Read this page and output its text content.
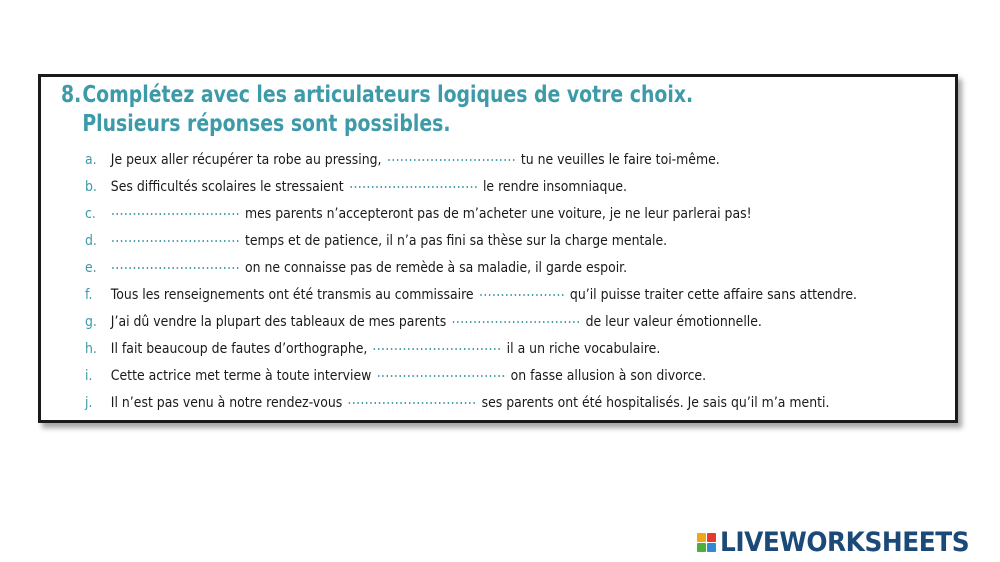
8.Complétez avec les articulateurs logiques de votre choix.
Plusieurs réponses sont possibles.
a. Je peux aller récupérer ta robe au pressing,	tu ne veuilles le faire toi-même.
b. Ses difficultés scolaires le stressaient	le rendre insomniaque.
c.	mes parents n’accepteront pas de m’acheter une voiture, je ne leur parlerai pas!
d.	temps et de patience, il n’a pas fini sa thèse sur la charge mentale.
e.	on ne connaisse pas de remède à sa maladie, il garde espoir.
f. Tous les renseignements ont été transmis au commissaire	qu’il puisse traiter cette affaire sans attendre.
g. J’ai dû vendre la plupart des tableaux de mes parents	de leur valeur émotionnelle.
h. Il fait beaucoup de fautes d’orthographe,	il a un riche vocabulaire.
i. Cette actrice met terme à toute interview	on fasse allusion à son divorce.
j. Il n’est pas venu à notre rendez-vous	ses parents ont été hospitalisés. Je sais qu’il m’a menti.
LIVEWORKSHEETS
